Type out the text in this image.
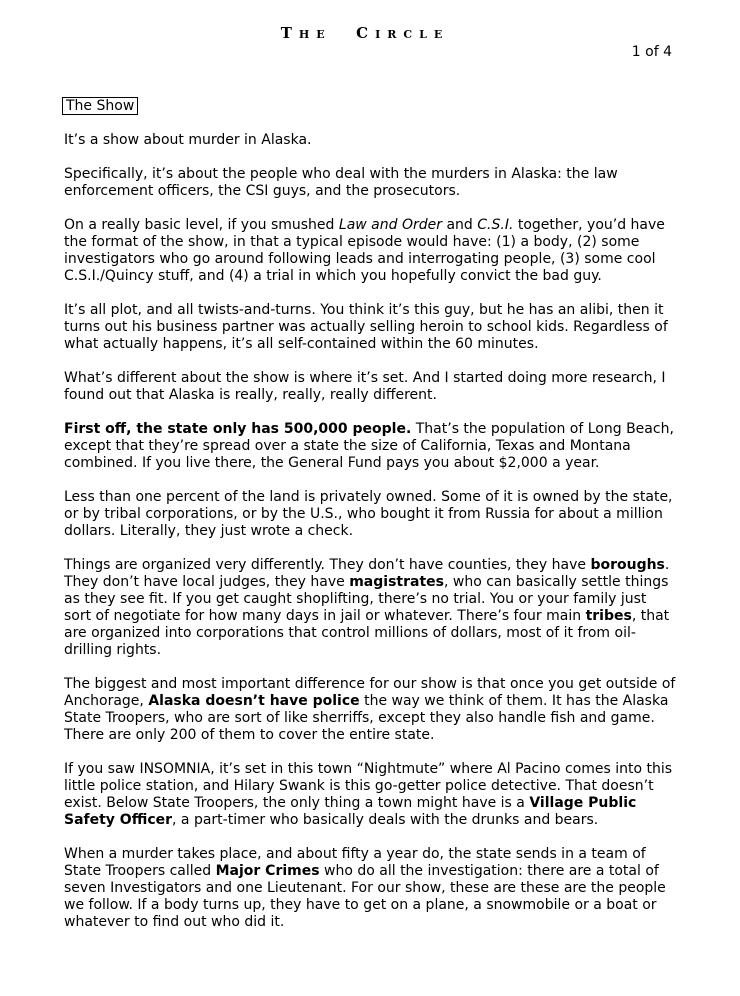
The  Circle
1 of 4
The Show

It’s a show about murder in Alaska.

Specifically, it’s about the people who deal with the murders in Alaska: the law enforcement officers, the CSI guys, and the prosecutors.

On a really basic level, if you smushed Law and Order and C.S.I. together, you’d have the format of the show, in that a typical episode would have: (1) a body, (2) some investigators who go around following leads and interrogating people, (3) some cool C.S.I./Quincy stuff, and (4) a trial in which you hopefully convict the bad guy.

It’s all plot, and all twists-and-turns. You think it’s this guy, but he has an alibi, then it turns out his business partner was actually selling heroin to school kids. Regardless of what actually happens, it’s all self-contained within the 60 minutes.

What’s different about the show is where it’s set. And I started doing more research, I found out that Alaska is really, really, really different.

First off, the state only has 500,000 people. That’s the population of Long Beach, except that they’re spread over a state the size of California, Texas and Montana combined. If you live there, the General Fund pays you about $2,000 a year.

Less than one percent of the land is privately owned. Some of it is owned by the state, or by tribal corporations, or by the U.S., who bought it from Russia for about a million dollars. Literally, they just wrote a check.

Things are organized very differently. They don’t have counties, they have boroughs. They don’t have local judges, they have magistrates, who can basically settle things as they see fit. If you get caught shoplifting, there’s no trial. You or your family just sort of negotiate for how many days in jail or whatever. There’s four main tribes, that are organized into corporations that control millions of dollars, most of it from oil-drilling rights.

The biggest and most important difference for our show is that once you get outside of Anchorage, Alaska doesn’t have police the way we think of them. It has the Alaska State Troopers, who are sort of like sherriffs, except they also handle fish and game. There are only 200 of them to cover the entire state.

If you saw INSOMNIA, it’s set in this town “Nightmute” where Al Pacino comes into this little police station, and Hilary Swank is this go-getter police detective. That doesn’t exist. Below State Troopers, the only thing a town might have is a Village Public Safety Officer, a part-timer who basically deals with the drunks and bears.

When a murder takes place, and about fifty a year do, the state sends in a team of State Troopers called Major Crimes who do all the investigation: there are a total of seven Investigators and one Lieutenant. For our show, these are these are the people we follow. If a body turns up, they have to get on a plane, a snowmobile or a boat or whatever to find out who did it.
